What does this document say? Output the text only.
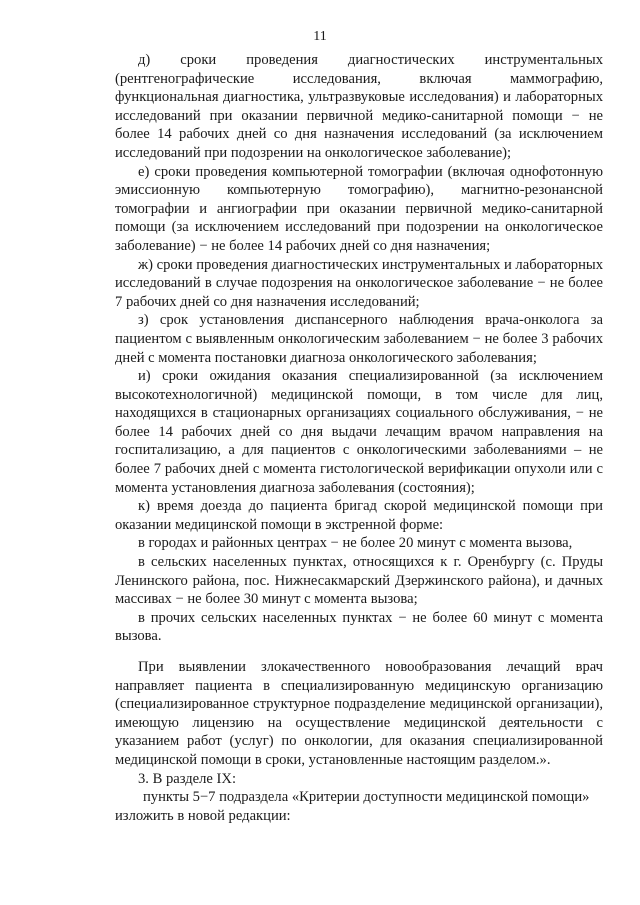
11

д) сроки проведения диагностических инструментальных (рентгенографические исследования, включая маммографию, функциональная диагностика, ультразвуковые исследования) и лабораторных исследований при оказании первичной медико-санитарной помощи − не более 14 рабочих дней со дня назначения исследований (за исключением исследований при подозрении на онкологическое заболевание);

е) сроки проведения компьютерной томографии (включая однофотонную эмиссионную компьютерную томографию), магнитно-резонансной томографии и ангиографии при оказании первичной медико-санитарной помощи (за исключением исследований при подозрении на онкологическое заболевание) − не более 14 рабочих дней со дня назначения;

ж) сроки проведения диагностических инструментальных и лабораторных исследований в случае подозрения на онкологическое заболевание − не более 7 рабочих дней со дня назначения исследований;

з) срок установления диспансерного наблюдения врача-онколога за пациентом с выявленным онкологическим заболеванием − не более 3 рабочих дней с момента постановки диагноза онкологического заболевания;

и) сроки ожидания оказания специализированной (за исключением высокотехнологичной) медицинской помощи, в том числе для лиц, находящихся в стационарных организациях социального обслуживания, − не более 14 рабочих дней со дня выдачи лечащим врачом направления на госпитализацию, а для пациентов с онкологическими заболеваниями – не более 7 рабочих дней с момента гистологической верификации опухоли или с момента установления диагноза заболевания (состояния);

к) время доезда до пациента бригад скорой медицинской помощи при оказании медицинской помощи в экстренной форме:

в городах и районных центрах − не более 20 минут с момента вызова,

в сельских населенных пунктах, относящихся к г. Оренбургу (с. Пруды Ленинского района, пос. Нижнесакмарский Дзержинского района), и дачных массивах − не более 30 минут с момента вызова;

в прочих сельских населенных пунктах − не более 60 минут с момента вызова.

При выявлении злокачественного новообразования лечащий врач направляет пациента в специализированную медицинскую организацию (специализированное структурное подразделение медицинской организации), имеющую лицензию на осуществление медицинской деятельности с указанием работ (услуг) по онкологии, для оказания специализированной медицинской помощи в сроки, установленные настоящим разделом.».

3. В разделе IX:

пункты 5−7 подраздела «Критерии доступности медицинской помощи» изложить в новой редакции:
